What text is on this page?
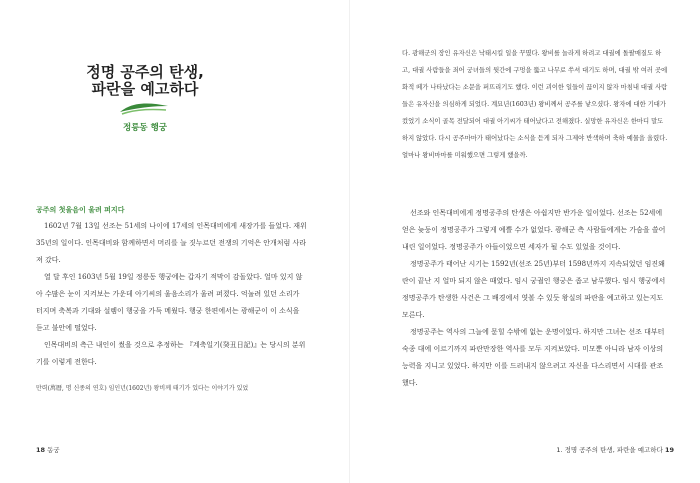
정명 공주의 탄생,
파란을 예고하다
정릉동 행궁
공주의 첫울음이 울려 퍼지다

1602년 7월 13일 선조는 51세의 나이에 17세의 인목대비에게 새장가를 들었다. 재위 35년의 일이다. 인목대비와 함께하면서 머리를 늘 짓누르던 전쟁의 기억은 안개처럼 사라져 갔다.

열 달 후인 1603년 5월 19일 정릉동 행궁에는 갑자기 적막이 감돌았다. 얼마 있지 않아 수많은 눈이 지켜보는 가운데 아기씨의 울음소리가 울려 퍼졌다. 억눌려 있던 소리가 터지며 축복과 기대와 설렘이 행궁을 가득 메웠다. 행궁 한편에서는 광해군이 이 소식을 듣고 불안에 떨었다.

인목대비의 측근 내인이 썼을 것으로 추정하는 『계축일기(癸丑日記)』는 당시의 분위기를 이렇게 전한다.

만력(萬曆, 명 신종의 연호) 임인년(1602년) 왕비께 태기가 있다는 이야기가 있었
18 동궁

다. 광해군의 장인 유자신은 낙태시킬 일을 꾸몄다. 왕비를 놀라게 하려고 대궐에 돌팔매질도 하고, 대궐 사람들을 죄어 궁녀들의 뒷간에 구멍을 뚫고 나무로 쑤셔 대기도 하며, 대궐 밖 여러 곳에 화적 떼가 나타났다는 소문을 퍼뜨리기도 했다. 이런 괴이한 일들이 끊이지 않자 마침내 대궐 사람들은 유자신을 의심하게 되었다. 계묘년(1603년) 왕비께서 공주를 낳으셨다. 왕자에 대한 기대가 컸었기 소식이 골목 전달되어 대궐 아기씨가 태어났다고 전해졌다. 실망한 유자신은 한마디 말도 하지 않았다. 다시 공주마마가 태어났다는 소식을 듣게 되자 그제야 반색하며 축하 예물을 올렸다. 얼마나 왕비마마를 미워했으면 그렇게 했을까.

선조와 인목대비에게 정명공주의 탄생은 아쉽지만 반가운 일이었다. 선조는 52세에 얻은 늦둥이 정명공주가 그렇게 예쁠 수가 없었다. 광해군 측 사람들에게는 가슴을 쓸어내린 일이었다. 정명공주가 아들이었으면 세자가 될 수도 있었을 것이다.

정명공주가 태어난 시기는 1592년(선조 25년)부터 1598년까지 지속되었던 임진왜란이 끝난 지 얼마 되지 않은 때였다. 임시 궁궐인 행궁은 좁고 남루했다. 임시 행궁에서 정명공주가 탄생한 사건은 그 배경에서 엿볼 수 있듯 왕실의 파란을 예고하고 있는지도 모른다.

정명공주는 역사의 그늘에 묻힐 수밖에 없는 운명이었다. 하지만 그녀는 선조 대부터 숙종 대에 이르기까지 파란만장한 역사를 모두 지켜보았다. 미모뿐 아니라 남자 이상의 능력을 지니고 있었다. 하지만 이를 드러내지 않으려고 자신을 다스리면서 시대를 관조했다.

1. 정명 공주의 탄생, 파란을 예고하다 19
